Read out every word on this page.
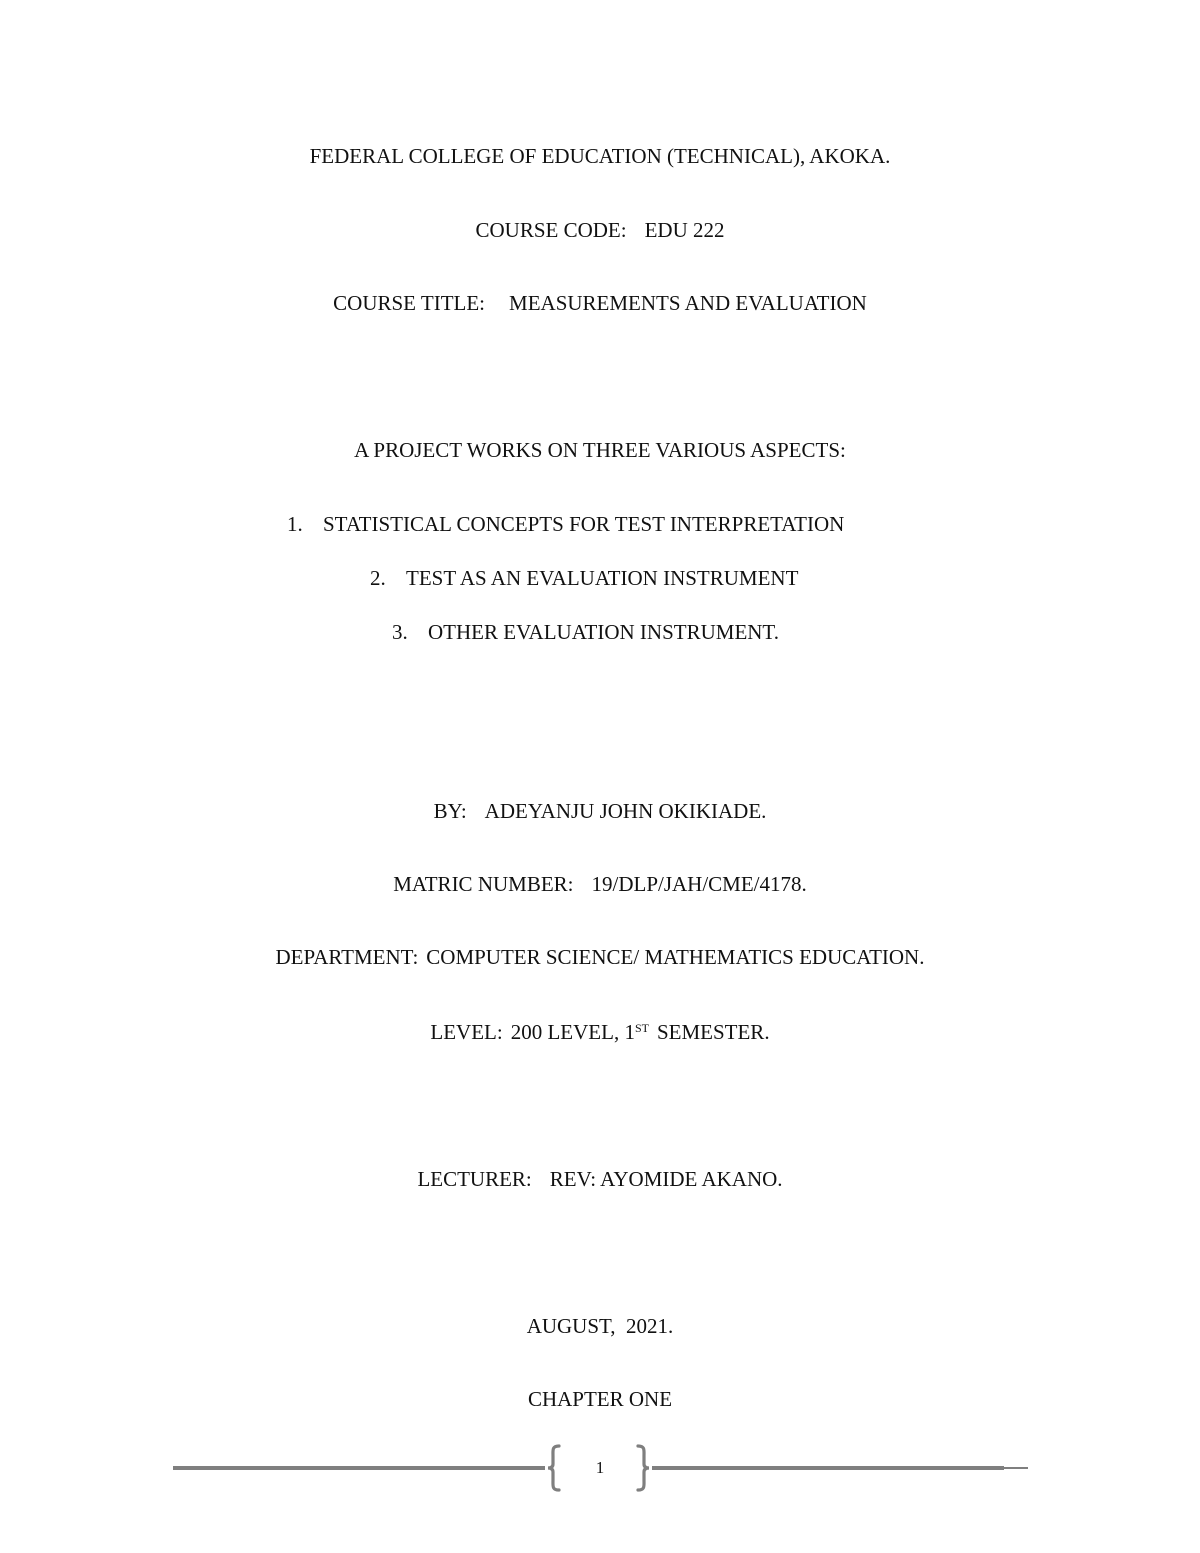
FEDERAL COLLEGE OF EDUCATION (TECHNICAL), AKOKA.
COURSE CODE: EDU 222
COURSE TITLE: MEASUREMENTS AND EVALUATION
A PROJECT WORKS ON THREE VARIOUS ASPECTS:
1. STATISTICAL CONCEPTS FOR TEST INTERPRETATION
2. TEST AS AN EVALUATION INSTRUMENT
3. OTHER EVALUATION INSTRUMENT.
BY: ADEYANJU JOHN OKIKIADE.
MATRIC NUMBER: 19/DLP/JAH/CME/4178.
DEPARTMENT: COMPUTER SCIENCE/ MATHEMATICS EDUCATION.
LEVEL: 200 LEVEL, 1ST SEMESTER.
LECTURER: REV: AYOMIDE AKANO.
AUGUST,  2021.
CHAPTER ONE
1
